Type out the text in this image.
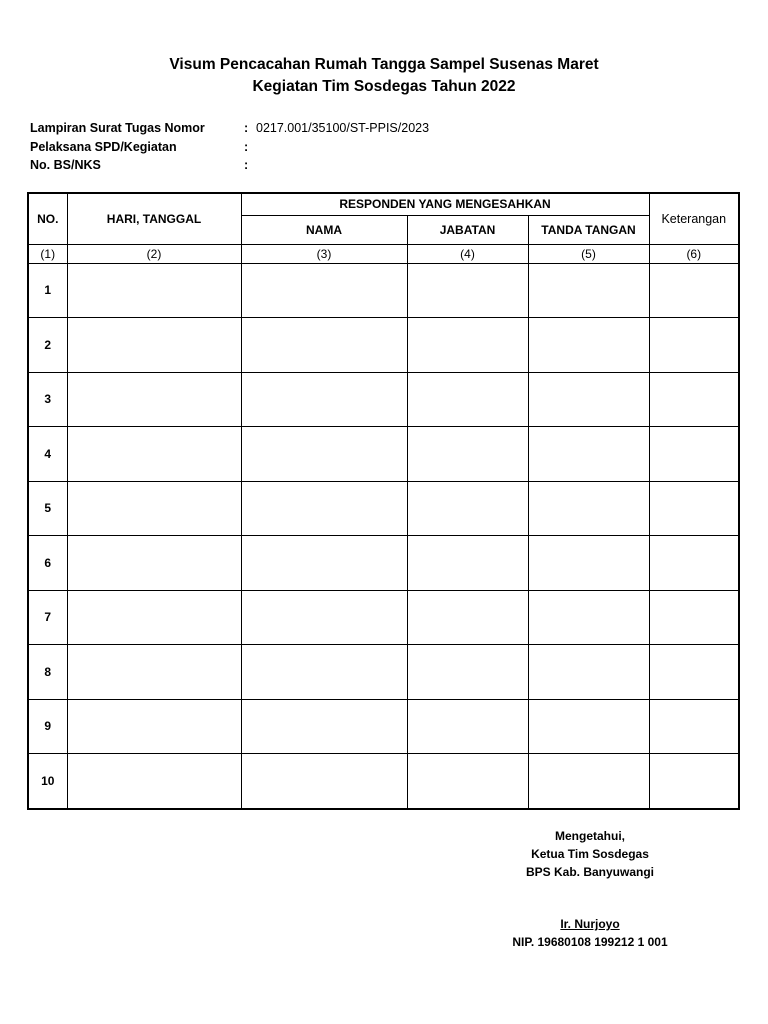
Visum Pencacahan Rumah Tangga Sampel Susenas Maret
Kegiatan Tim Sosdegas Tahun 2022
Lampiran Surat Tugas Nomor	: 0217.001/35100/ST-PPIS/2023
Pelaksana SPD/Kegiatan	:
No. BS/NKS	:
NO.	HARI, TANGGAL	RESPONDEN YANG MENGESAHKAN			Keterangan
		NAMA	JABATAN	TANDA TANGAN	
(1)	(2)	(3)	(4)	(5)	(6)
1					
2					
3					
4					
5					
6					
7					
8					
9					
10					
Mengetahui,
Ketua Tim Sosdegas
BPS Kab. Banyuwangi
Ir. Nurjoyo
NIP. 19680108 199212 1 001
